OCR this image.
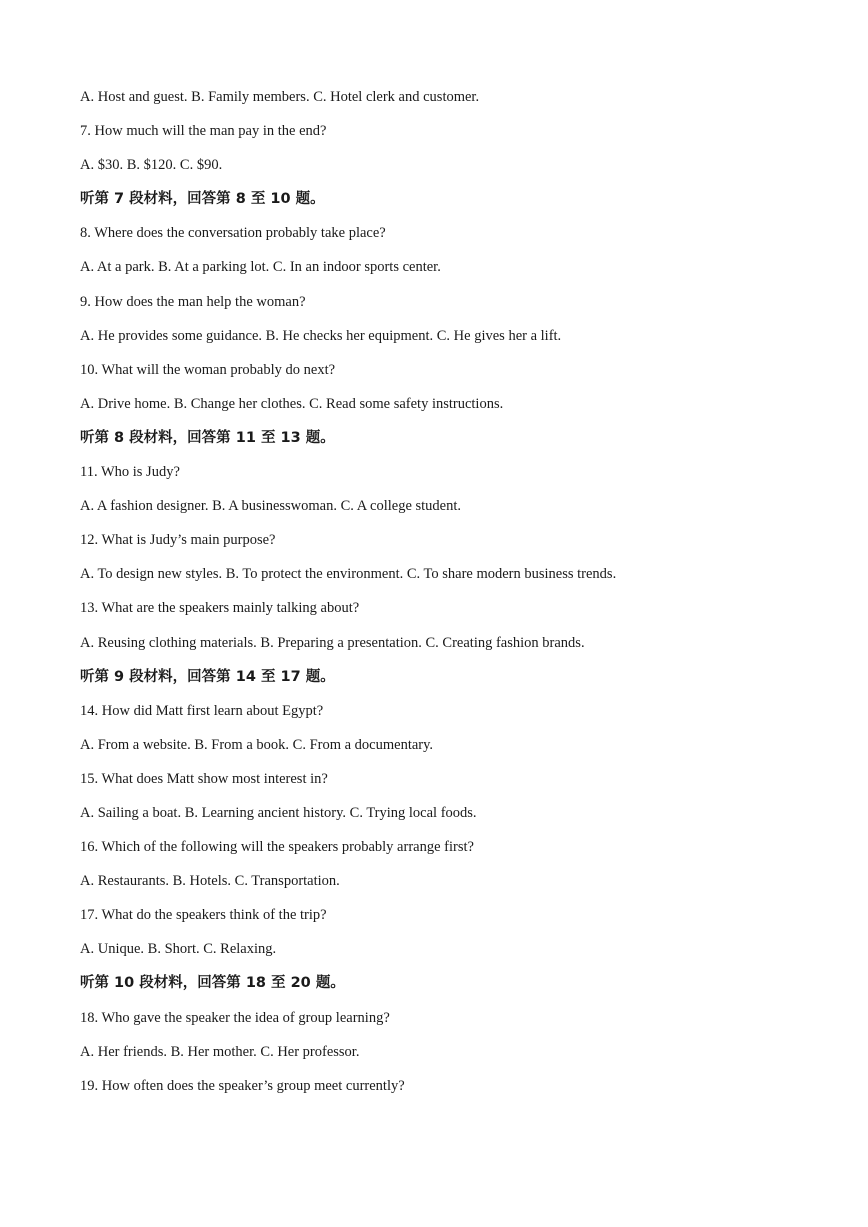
A. Host and guest. B. Family members. C. Hotel clerk and customer.
7. How much will the man pay in the end?
A. $30. B. $120. C. $90.
听第 7 段材料，回答第 8 至 10 题。
8. Where does the conversation probably take place?
A. At a park. B. At a parking lot. C. In an indoor sports center.
9. How does the man help the woman?
A. He provides some guidance. B. He checks her equipment. C. He gives her a lift.
10. What will the woman probably do next?
A. Drive home. B. Change her clothes. C. Read some safety instructions.
听第 8 段材料，回答第 11 至 13 题。
11. Who is Judy?
A. A fashion designer. B. A businesswoman. C. A college student.
12. What is Judy’s main purpose?
A. To design new styles. B. To protect the environment. C. To share modern business trends.
13. What are the speakers mainly talking about?
A. Reusing clothing materials. B. Preparing a presentation. C. Creating fashion brands.
听第 9 段材料，回答第 14 至 17 题。
14. How did Matt first learn about Egypt?
A. From a website. B. From a book. C. From a documentary.
15. What does Matt show most interest in?
A. Sailing a boat. B. Learning ancient history. C. Trying local foods.
16. Which of the following will the speakers probably arrange first?
A. Restaurants. B. Hotels. C. Transportation.
17. What do the speakers think of the trip?
A. Unique. B. Short. C. Relaxing.
听第 10 段材料，回答第 18 至 20 题。
18. Who gave the speaker the idea of group learning?
A. Her friends. B. Her mother. C. Her professor.
19. How often does the speaker’s group meet currently?
